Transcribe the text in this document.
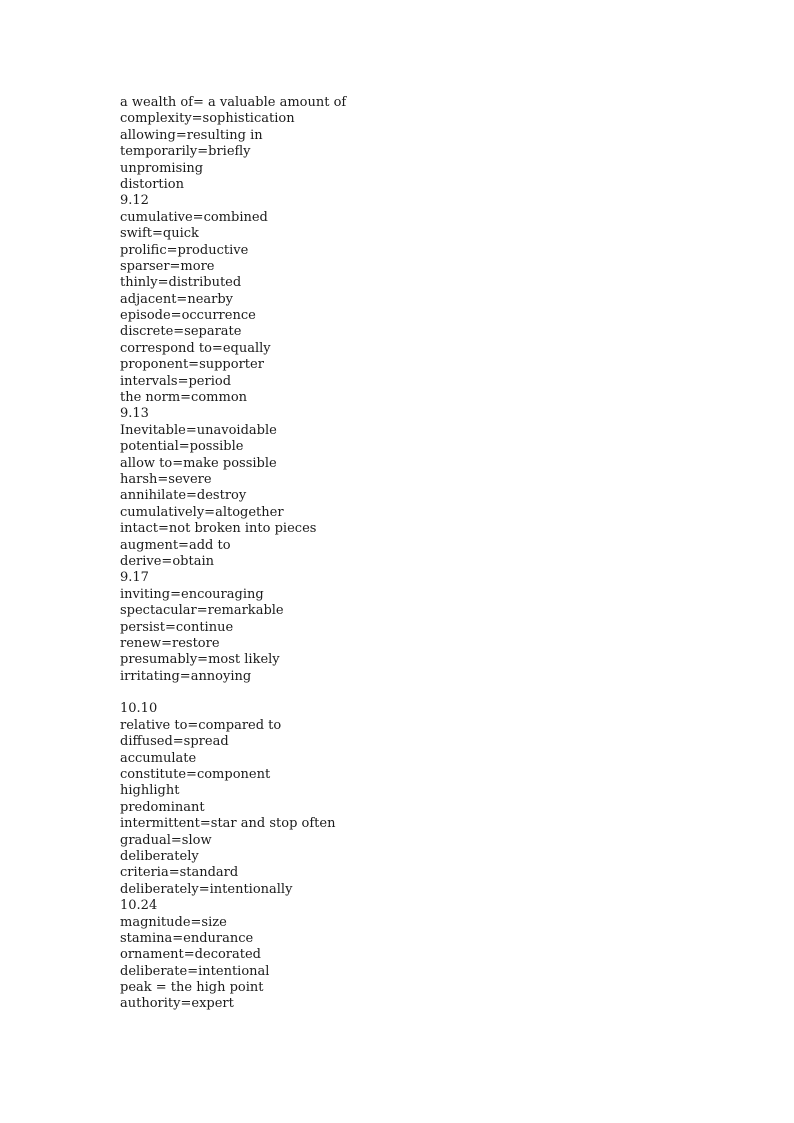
a wealth of= a valuable amount of
complexity=sophistication
allowing=resulting in
temporarily=briefly
unpromising
distortion
9.12
cumulative=combined
swift=quick
prolific=productive
sparser=more
thinly=distributed
adjacent=nearby
episode=occurrence
discrete=separate
correspond to=equally
proponent=supporter
intervals=period
the norm=common
9.13
Inevitable=unavoidable
potential=possible
allow to=make possible
harsh=severe
annihilate=destroy
cumulatively=altogether
intact=not broken into pieces
augment=add to
derive=obtain
9.17
inviting=encouraging
spectacular=remarkable
persist=continue
renew=restore
presumably=most likely
irritating=annoying
10.10
relative to=compared to
diffused=spread
accumulate
constitute=component
highlight
predominant
intermittent=star and stop often
gradual=slow
deliberately
criteria=standard
deliberately=intentionally
10.24
magnitude=size
stamina=endurance
ornament=decorated
deliberate=intentional
peak = the high point
authority=expert
